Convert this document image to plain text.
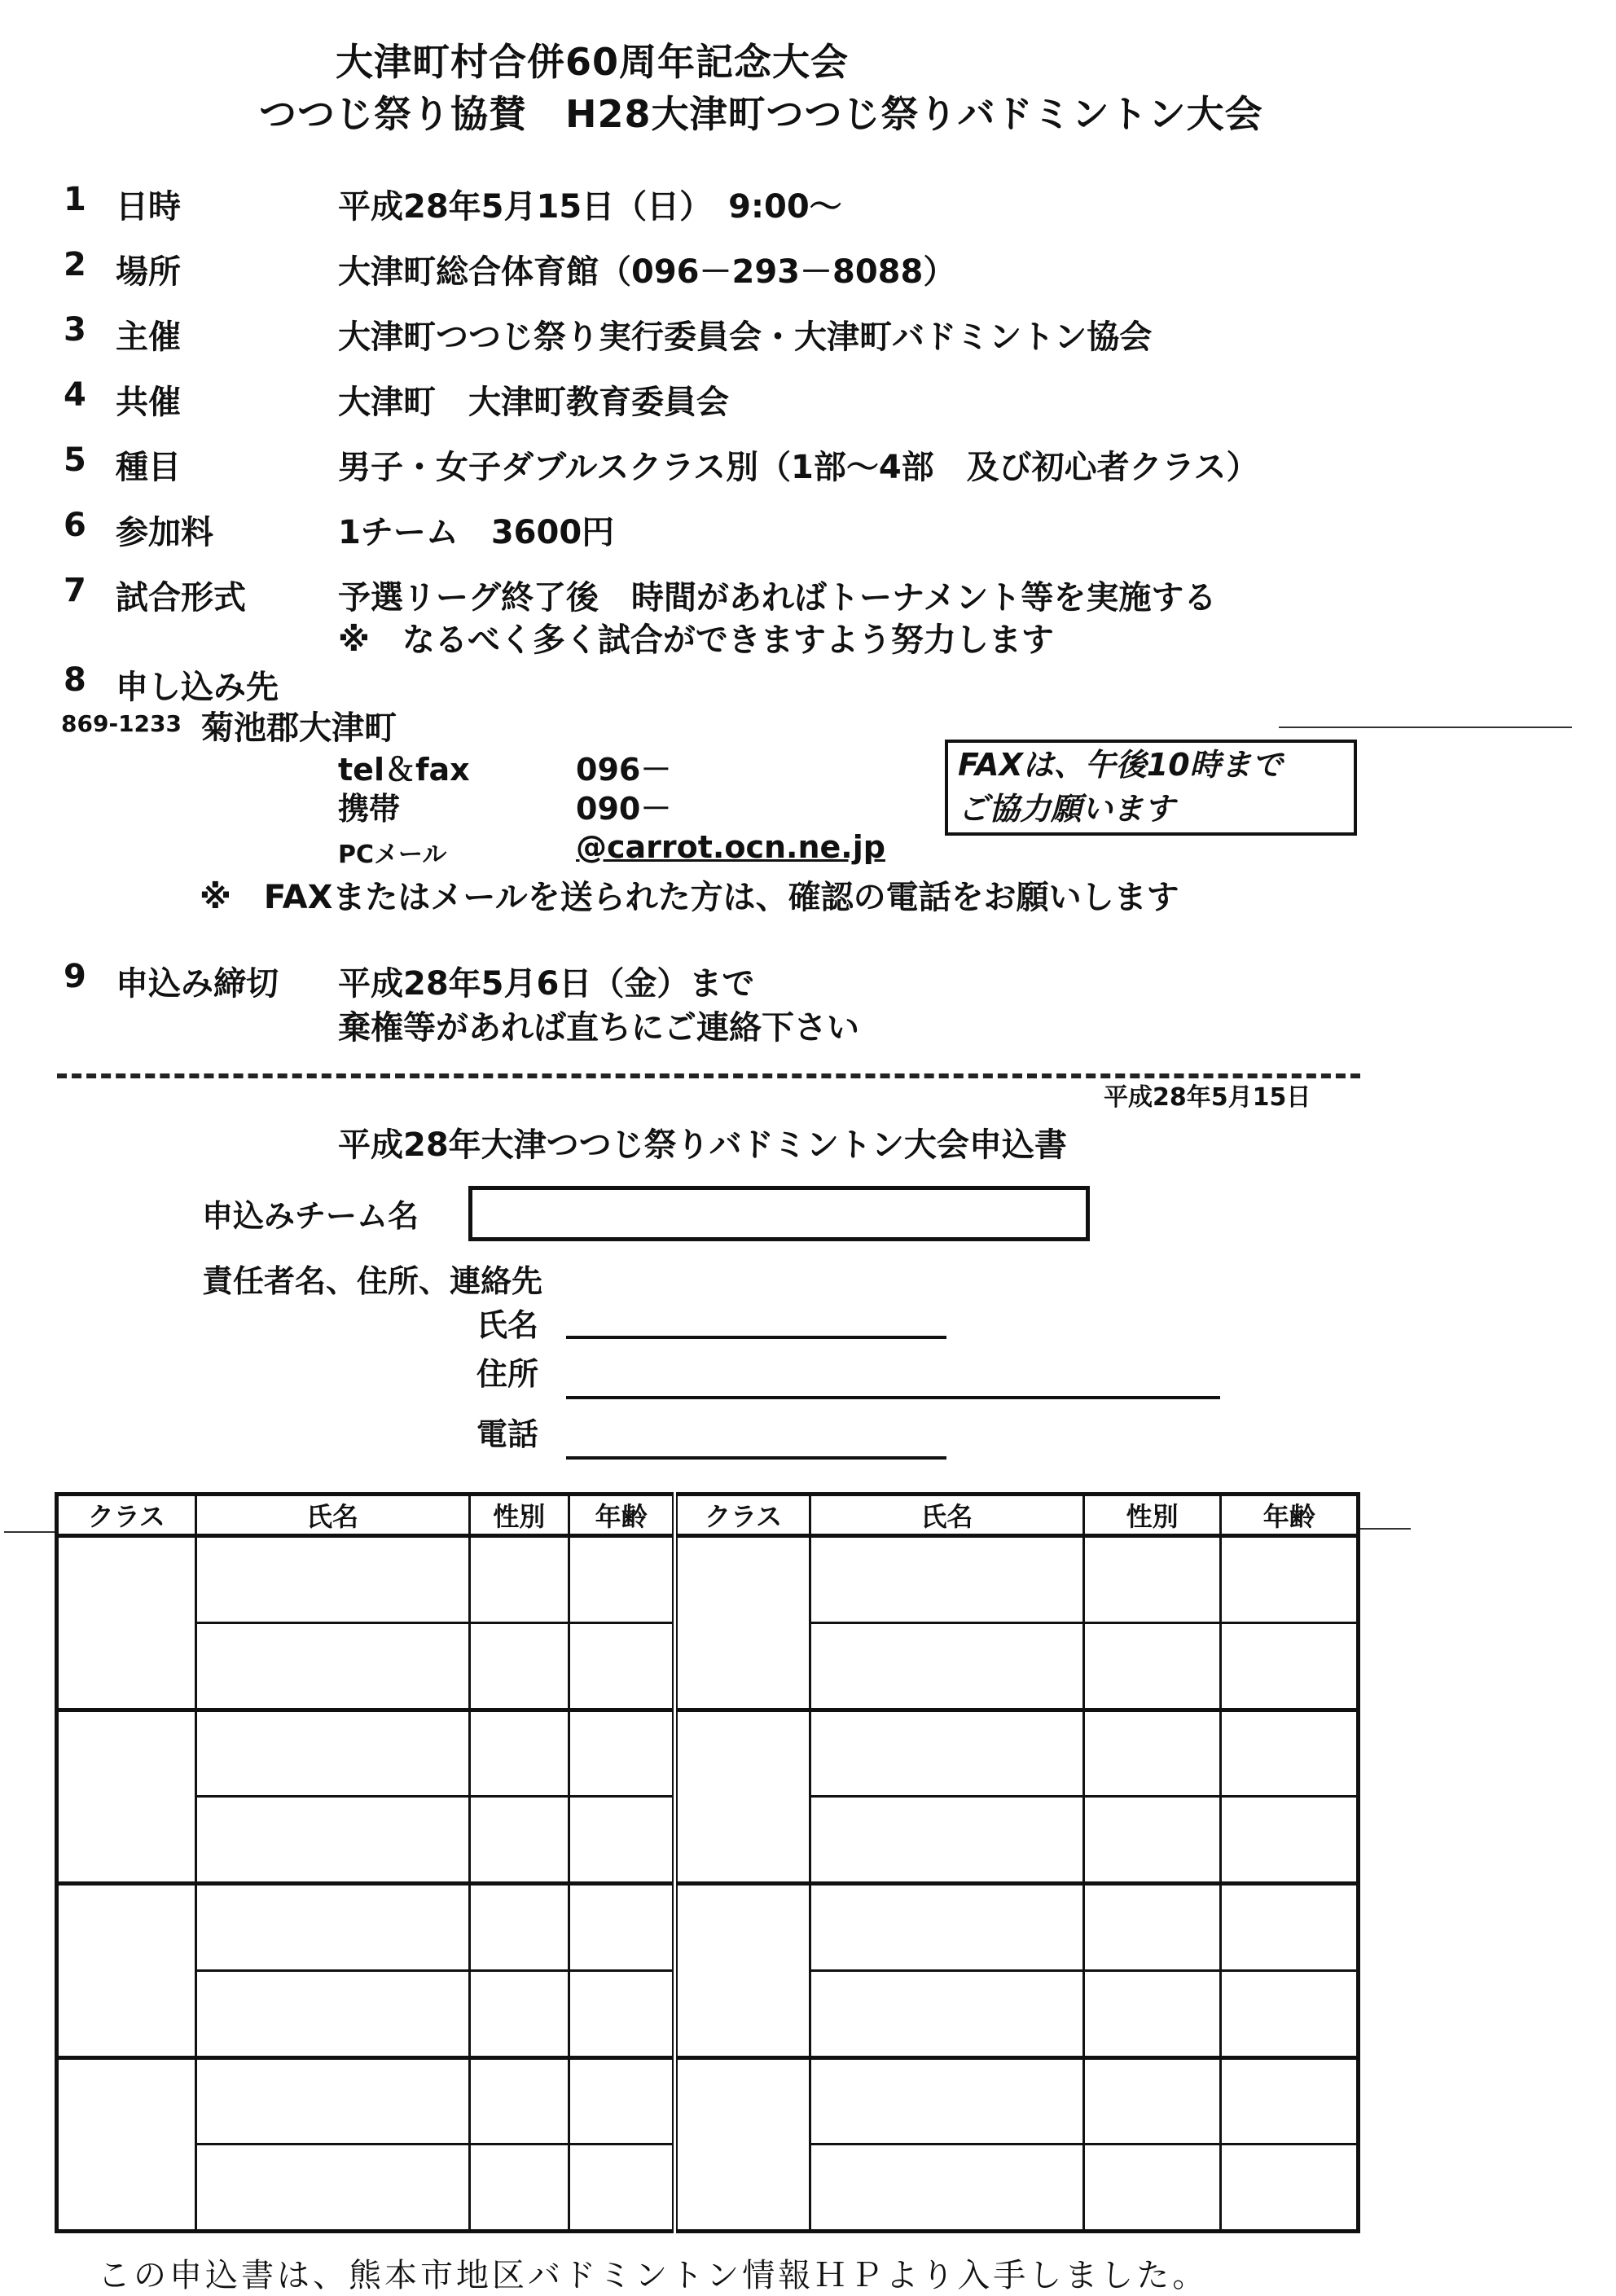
大津町村合併60周年記念大会
つつじ祭り協賛　H28大津町つつじ祭りバドミントン大会
1 日時	平成28年5月15日（日）　9:00～
2 場所	大津町総合体育館（096－293－8088）
3 主催	大津町つつじ祭り実行委員会・大津町バドミントン協会
4 共催	大津町　大津町教育委員会
5 種目	男子・女子ダブルスクラス別（1部～4部　及び初心者クラス）
6 参加料	1チーム　3600円
7 試合形式	予選リーグ終了後　時間があればトーナメント等を実施する
※　なるべく多く試合ができますよう努力します
8 申し込み先
869-1233 菊池郡大津町
tel＆fax	096－
携帯	090－
PCメール	@carrot.ocn.ne.jp
FAXは、午後10時まで
ご協力願います
※　FAXまたはメールを送られた方は、確認の電話をお願いします
9 申込み締切 平成28年5月6日（金）まで
棄権等があれば直ちにご連絡下さい
平成28年5月15日
平成28年大津つつじ祭りバドミントン大会申込書
申込みチーム名
責任者名、住所、連絡先
氏名
住所
電話
クラス	氏名	性別	年齢	クラス	氏名	性別	年齢

この申込書は、熊本市地区バドミントン情報ＨＰより入手しました。
